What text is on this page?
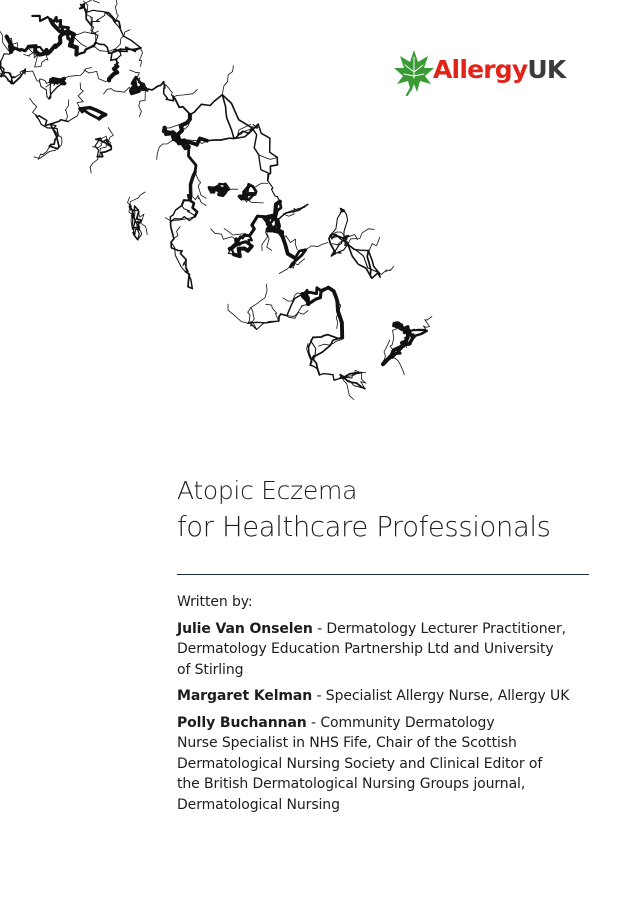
AllergyUK
Atopic Eczema
for Healthcare Professionals
Written by:
Julie Van Onselen - Dermatology Lecturer Practitioner,
Dermatology Education Partnership Ltd and University
of Stirling
Margaret Kelman - Specialist Allergy Nurse, Allergy UK
Polly Buchannan - Community Dermatology
Nurse Specialist in NHS Fife, Chair of the Scottish
Dermatological Nursing Society and Clinical Editor of
the British Dermatological Nursing Groups journal,
Dermatological Nursing
